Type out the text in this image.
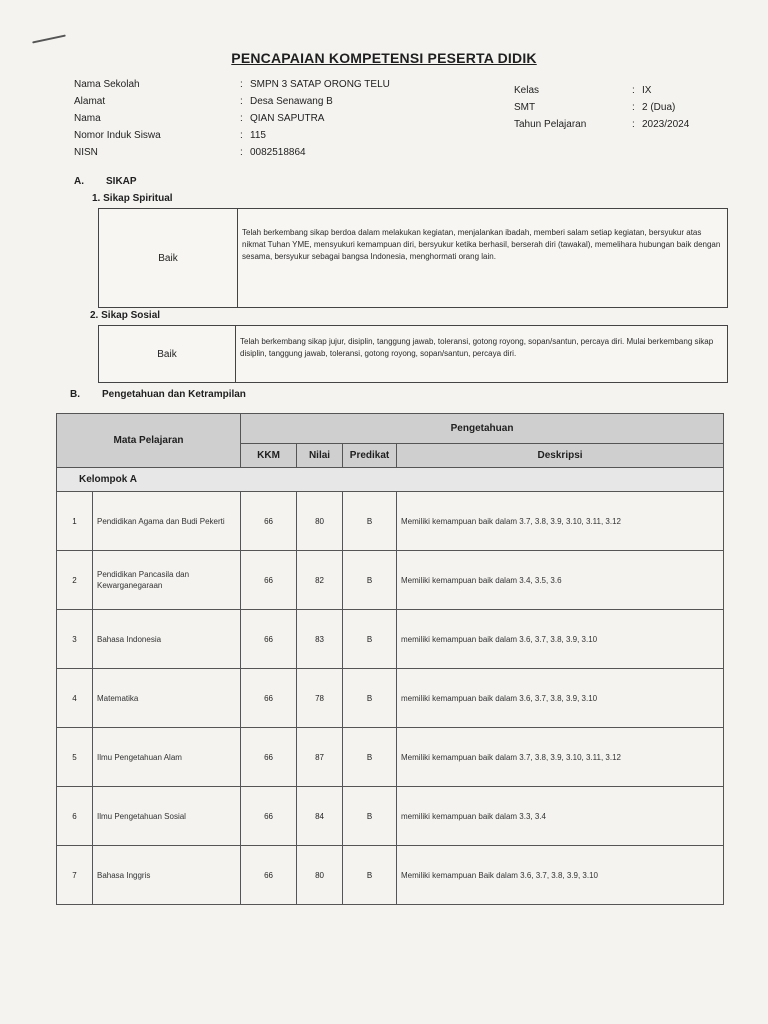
PENCAPAIAN KOMPETENSI PESERTA DIDIK
Nama Sekolah	: SMPN 3 SATAP ORONG TELU
Alamat	: Desa Senawang B
Nama	: QIAN SAPUTRA
Nomor Induk Siswa	: 115
NISN	: 0082518864
Kelas	: IX
SMT	: 2 (Dua)
Tahun Pelajaran	: 2023/2024
A. SIKAP
1. Sikap Spiritual
Baik
Telah berkembang sikap berdoa dalam melakukan kegiatan, menjalankan ibadah, memberi salam setiap kegiatan, bersyukur atas nikmat Tuhan YME, mensyukuri kemampuan diri, bersyukur ketika berhasil, berserah diri (tawakal), memelihara hubungan baik dengan sesama, bersyukur sebagai bangsa Indonesia, menghormati orang lain.
2. Sikap Sosial
Baik
Telah berkembang sikap jujur, disiplin, tanggung jawab, toleransi, gotong royong, sopan/santun, percaya diri. Mulai berkembang sikap disiplin, tanggung jawab, toleransi, gotong royong, sopan/santun, percaya diri.
B. Pengetahuan dan Ketrampilan
Mata Pelajaran		Pengetahuan			
		KKM	Nilai	Predikat	Deskripsi
Kelompok A					
1	Pendidikan Agama dan Budi Pekerti	66	80	B	Memiliki kemampuan baik dalam 3.7, 3.8, 3.9, 3.10, 3.11, 3.12
2	Pendidikan Pancasila dan Kewarganegaraan	66	82	B	Memiliki kemampuan baik dalam 3.4, 3.5, 3.6
3	Bahasa Indonesia	66	83	B	memiliki kemampuan baik dalam 3.6, 3.7, 3.8, 3.9, 3.10
4	Matematika	66	78	B	memiliki kemampuan baik dalam 3.6, 3.7, 3.8, 3.9, 3.10
5	Ilmu Pengetahuan Alam	66	87	B	Memiliki kemampuan baik dalam 3.7, 3.8, 3.9, 3.10, 3.11, 3.12
6	Ilmu Pengetahuan Sosial	66	84	B	memiliki kemampuan baik dalam 3.3, 3.4
7	Bahasa Inggris	66	80	B	Memiliki kemampuan Baik dalam 3.6, 3.7, 3.8, 3.9, 3.10
